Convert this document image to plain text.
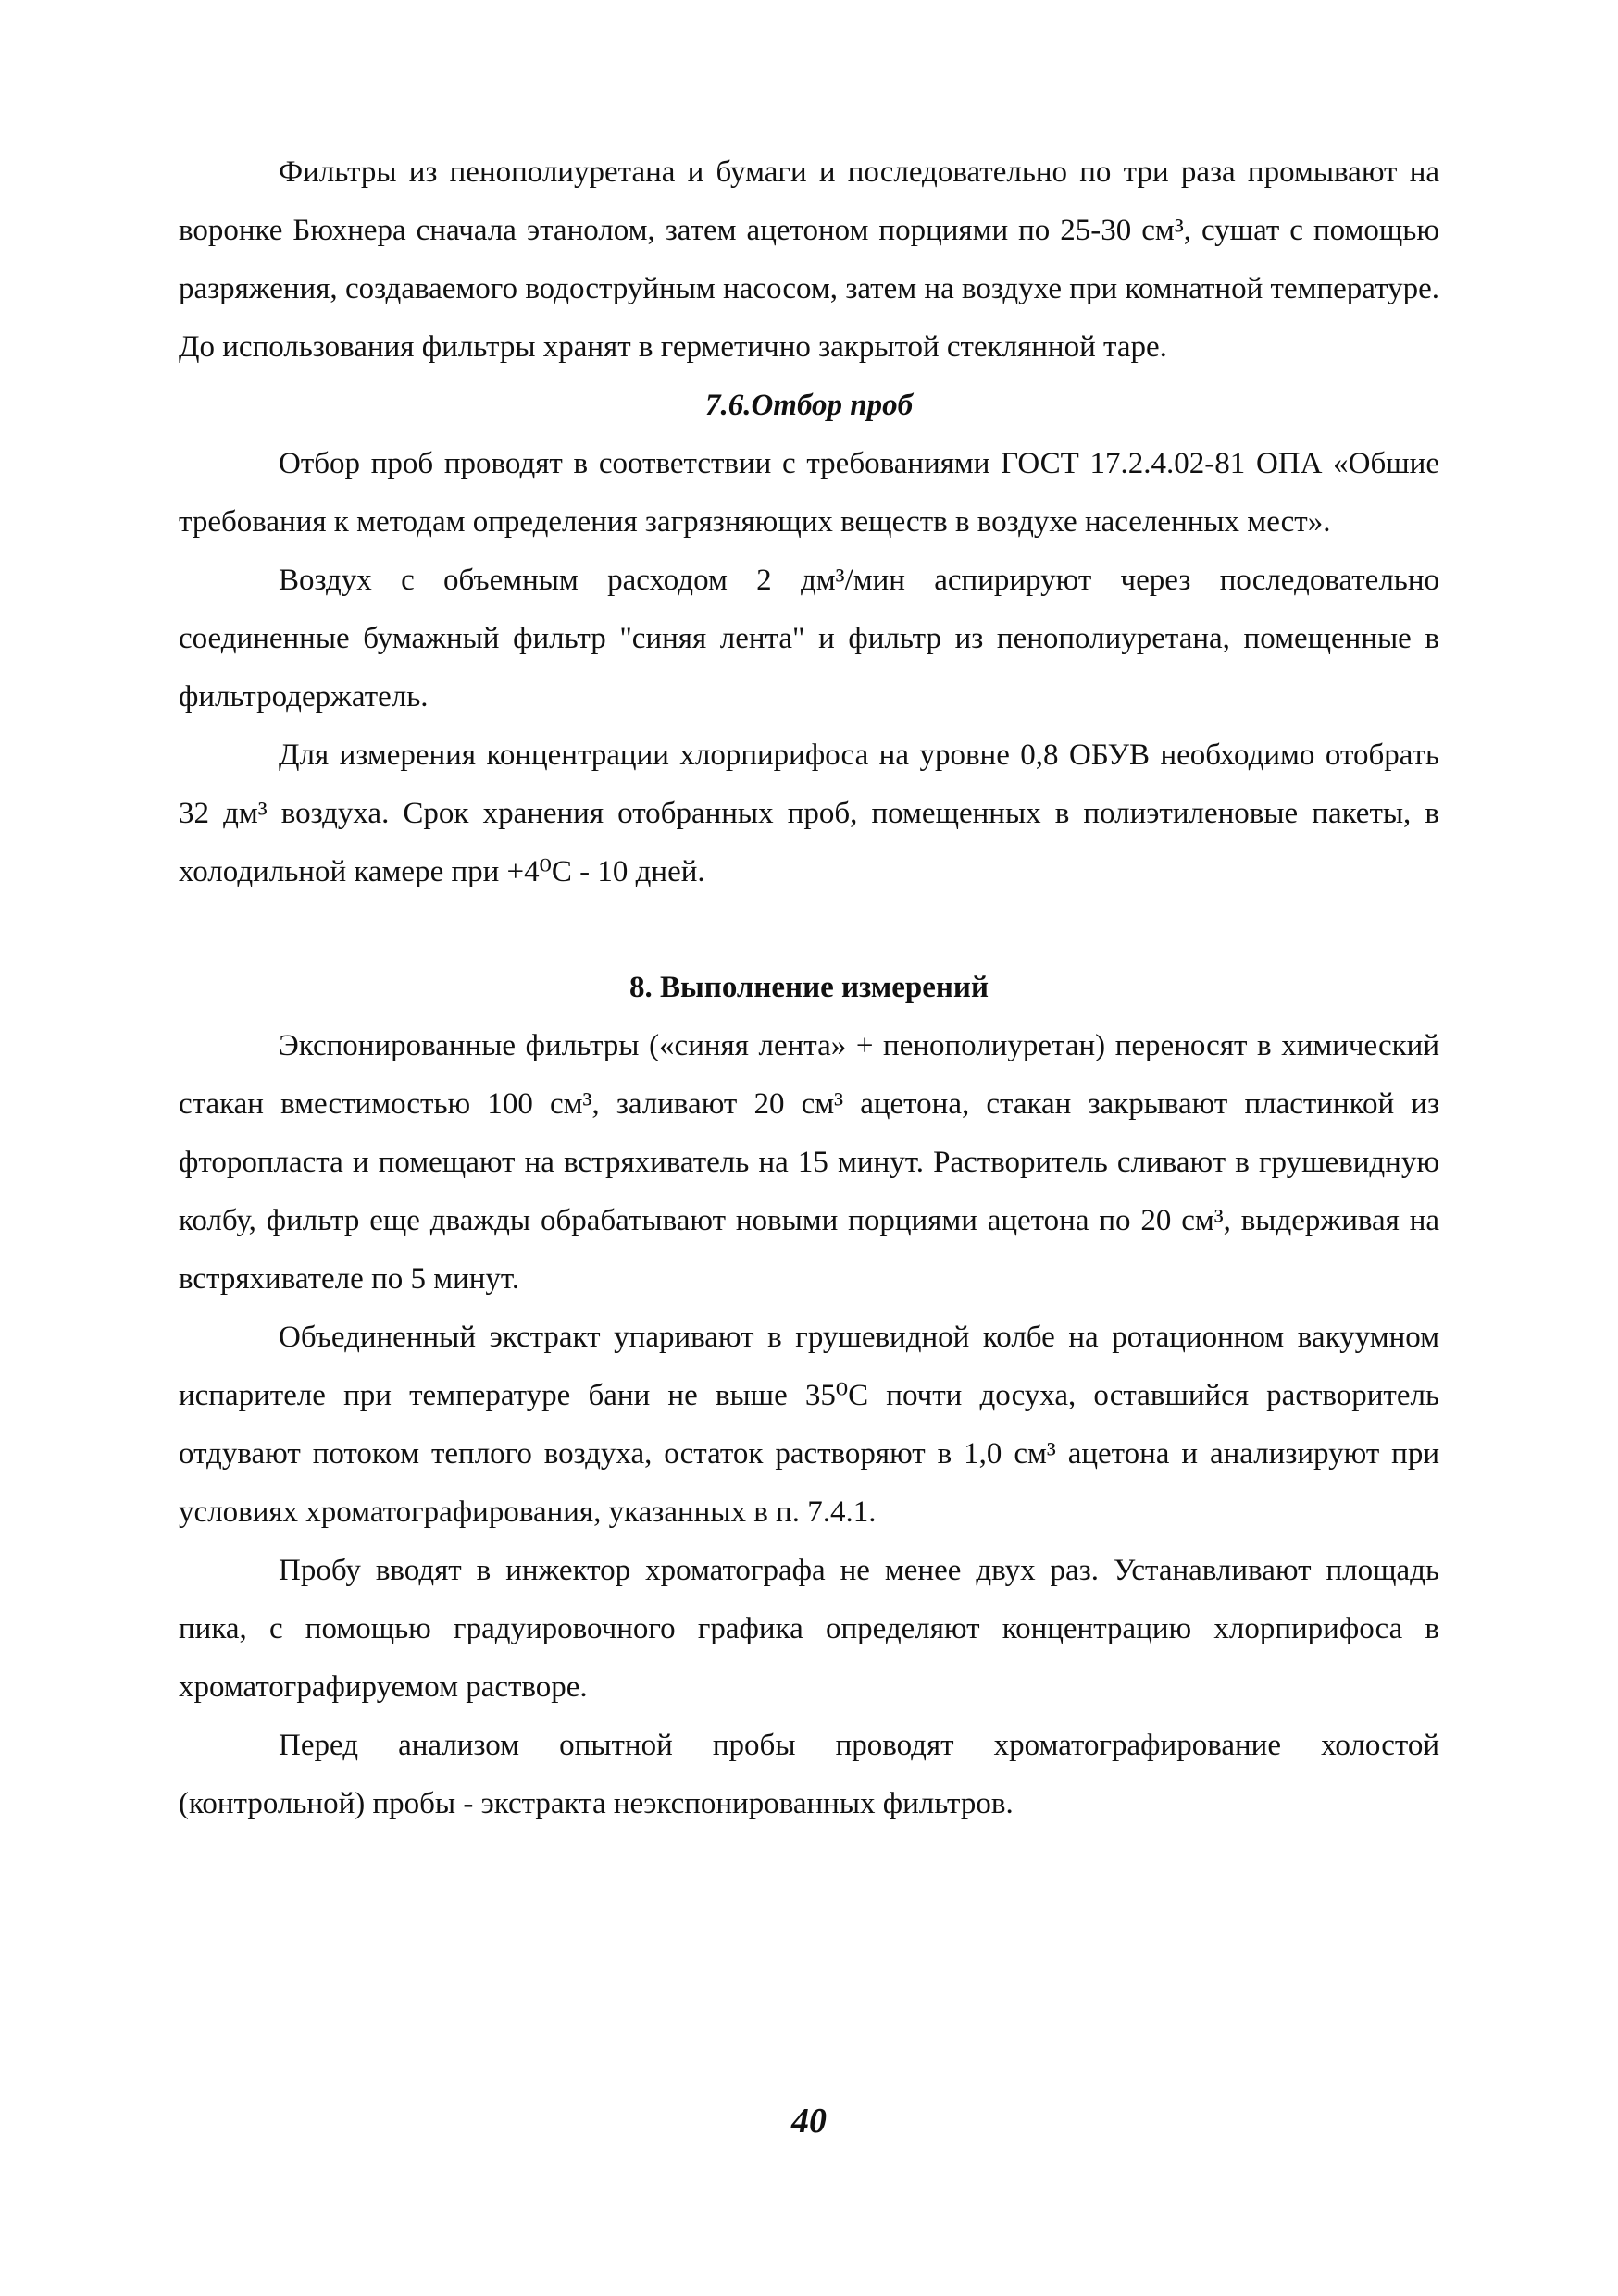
Фильтры из пенополиуретана и бумаги и последовательно по три раза промывают на воронке Бюхнера сначала этанолом, затем ацетоном порциями по 25-30 см³, сушат с помощью разряжения, создаваемого водоструйным насосом, затем на воздухе при комнатной температуре. До использования фильтры хранят в герметично закрытой стеклянной таре.

7.6.Отбор проб

Отбор проб проводят в соответствии с требованиями ГОСТ 17.2.4.02-81 ОПА «Обшие требования к методам определения загрязняющих веществ в воздухе населенных мест».

Воздух с объемным расходом 2 дм³/мин аспирируют через последовательно соединенные бумажный фильтр "синяя лента" и фильтр из пенополиуретана, помещенные в фильтродержатель.

Для измерения концентрации хлорпирифоса на уровне 0,8 ОБУВ необходимо отобрать 32 дм³ воздуха. Срок хранения отобранных проб, помещенных в полиэтиленовые пакеты, в холодильной камере при +4⁰С - 10 дней.

8. Выполнение измерений

Экспонированные фильтры («синяя лента» + пенополиуретан) переносят в химический стакан вместимостью 100 см³, заливают 20 см³ ацетона, стакан закрывают пластинкой из фторопласта и помещают на встряхиватель на 15 минут. Растворитель сливают в грушевидную колбу, фильтр еще дважды обрабатывают новыми порциями ацетона по 20 см³, выдерживая на встряхивателе по 5 минут.

Объединенный экстракт упаривают в грушевидной колбе на ротационном вакуумном испарителе при температуре бани не выше 35⁰С почти досуха, оставшийся растворитель отдувают потоком теплого воздуха, остаток растворяют в 1,0 см³ ацетона и анализируют при условиях хроматографирования, указанных в п. 7.4.1.

Пробу вводят в инжектор хроматографа не менее двух раз. Устанавливают площадь пика, с помощью градуировочного графика определяют концентрацию хлорпирифоса в хроматографируемом растворе.

Перед анализом опытной пробы проводят хроматографирование холостой (контрольной) пробы - экстракта неэкспонированных фильтров.

40
